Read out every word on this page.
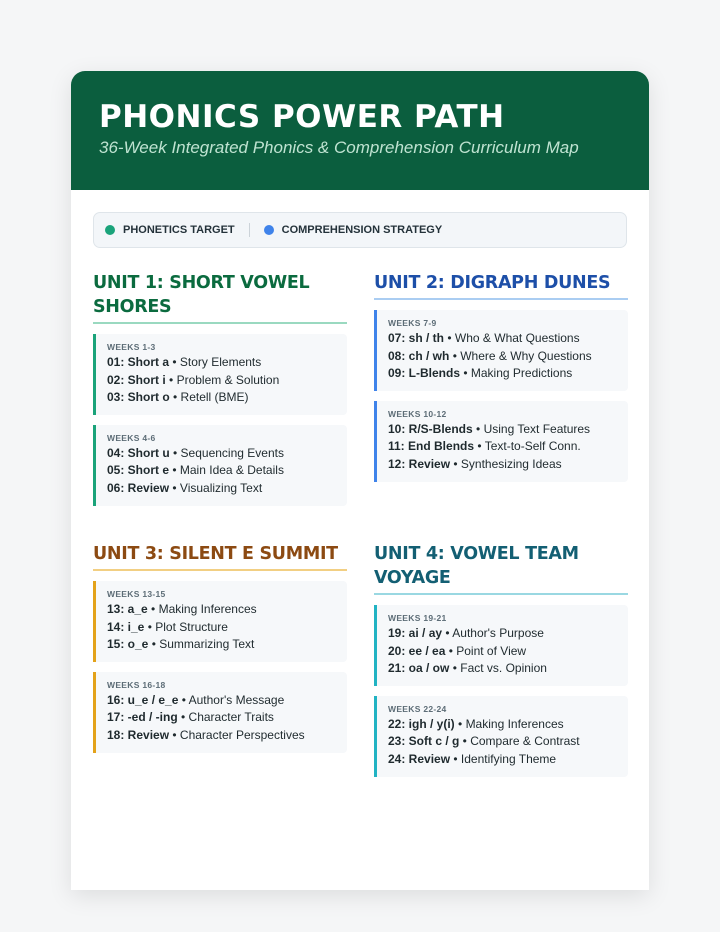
PHONICS POWER PATH
36-Week Integrated Phonics & Comprehension Curriculum Map
PHONETICS TARGET	COMPREHENSION STRATEGY
UNIT 1: SHORT VOWEL SHORES
WEEKS 1-3
01: Short a • Story Elements
02: Short i • Problem & Solution
03: Short o • Retell (BME)
WEEKS 4-6
04: Short u • Sequencing Events
05: Short e • Main Idea & Details
06: Review • Visualizing Text
UNIT 2: DIGRAPH DUNES
WEEKS 7-9
07: sh / th • Who & What Questions
08: ch / wh • Where & Why Questions
09: L-Blends • Making Predictions
WEEKS 10-12
10: R/S-Blends • Using Text Features
11: End Blends • Text-to-Self Conn.
12: Review • Synthesizing Ideas
UNIT 3: SILENT E SUMMIT
WEEKS 13-15
13: a_e • Making Inferences
14: i_e • Plot Structure
15: o_e • Summarizing Text
WEEKS 16-18
16: u_e / e_e • Author's Message
17: -ed / -ing • Character Traits
18: Review • Character Perspectives
UNIT 4: VOWEL TEAM VOYAGE
WEEKS 19-21
19: ai / ay • Author's Purpose
20: ee / ea • Point of View
21: oa / ow • Fact vs. Opinion
WEEKS 22-24
22: igh / y(i) • Making Inferences
23: Soft c / g • Compare & Contrast
24: Review • Identifying Theme
